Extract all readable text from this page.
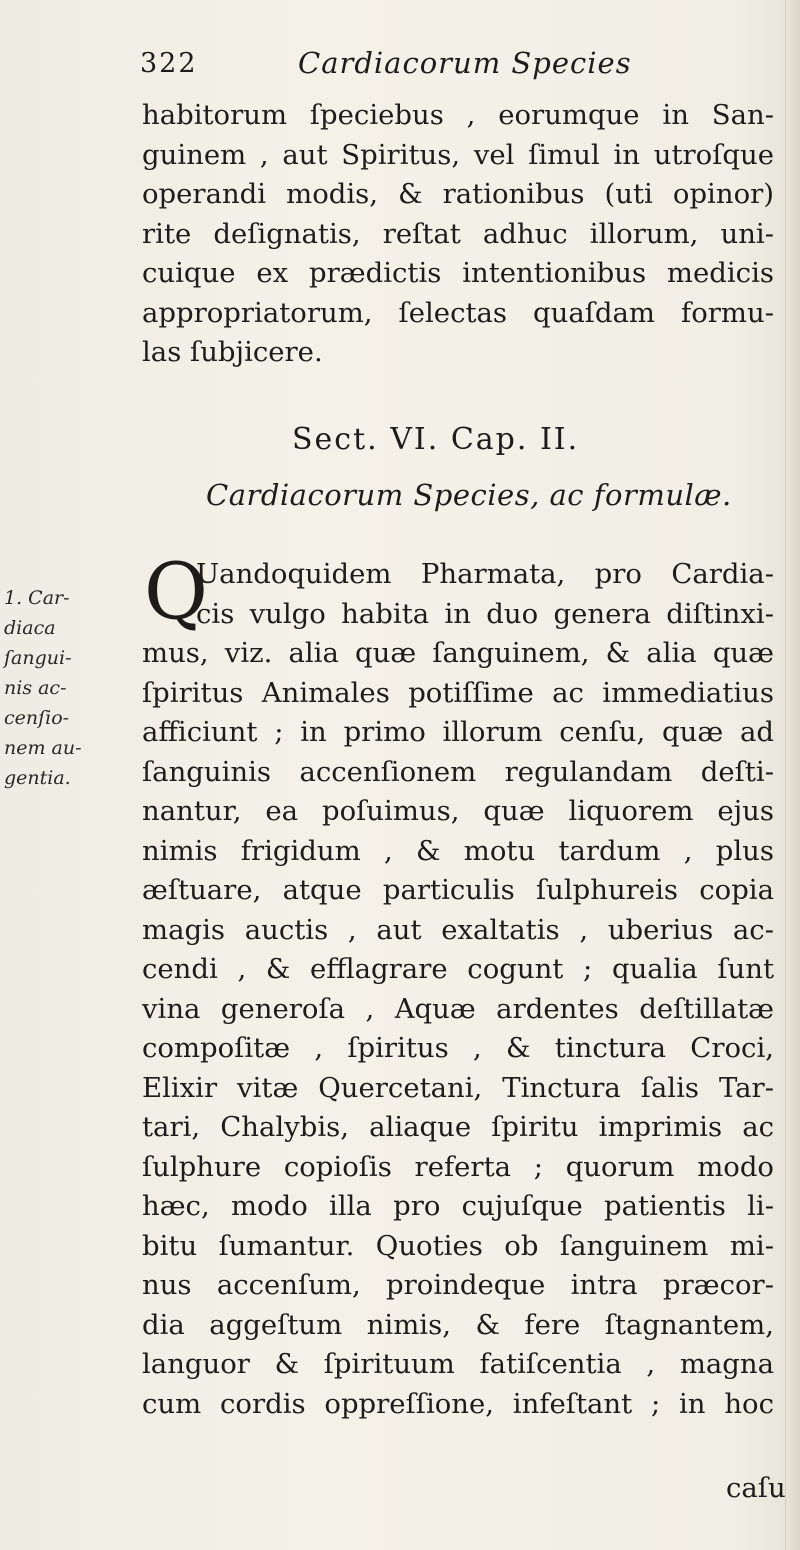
322	Cardiacorum Species
habitorum ſpeciebus , eorumque in San-
guinem , aut Spiritus, vel ſimul in utroſque
operandi modis, & rationibus (uti opinor)
rite deſignatis, reſtat adhuc illorum, uni-
cuique ex prædictis intentionibus medicis
appropriatorum, ſelectas quaſdam formu-
las ſubjicere.
Sect. VI. Cap. II.
Cardiacorum Species, ac formulæ.
1. Car-
diaca
ſangui-
nis ac-
cenſio-
nem au-
gentia.
Q
Uandoquidem Pharmata, pro Cardia-
cis vulgo habita in duo genera diſtinxi-
mus, viz. alia quæ ſanguinem, & alia quæ
ſpiritus Animales potiſſime ac immediatius
afficiunt ; in primo illorum cenſu, quæ ad
ſanguinis accenſionem regulandam deſti-
nantur, ea poſuimus, quæ liquorem ejus
nimis frigidum , & motu tardum , plus
æſtuare, atque particulis ſulphureis copia
magis auctis , aut exaltatis , uberius ac-
cendi , & efflagrare cogunt ; qualia ſunt
vina generoſa , Aquæ ardentes deſtillatæ
compoſitæ , ſpiritus , & tinctura Croci,
Elixir vitæ Quercetani, Tinctura ſalis Tar-
tari, Chalybis, aliaque ſpiritu imprimis ac
ſulphure copioſis referta ; quorum modo
hæc, modo illa pro cujuſque patientis li-
bitu ſumantur. Quoties ob ſanguinem mi-
nus accenſum, proindeque intra præcor-
dia aggeſtum nimis, & fere ſtagnantem,
languor & ſpirituum fatiſcentia , magna
cum cordis oppreſſione, infeſtant ; in hoc
caſu
